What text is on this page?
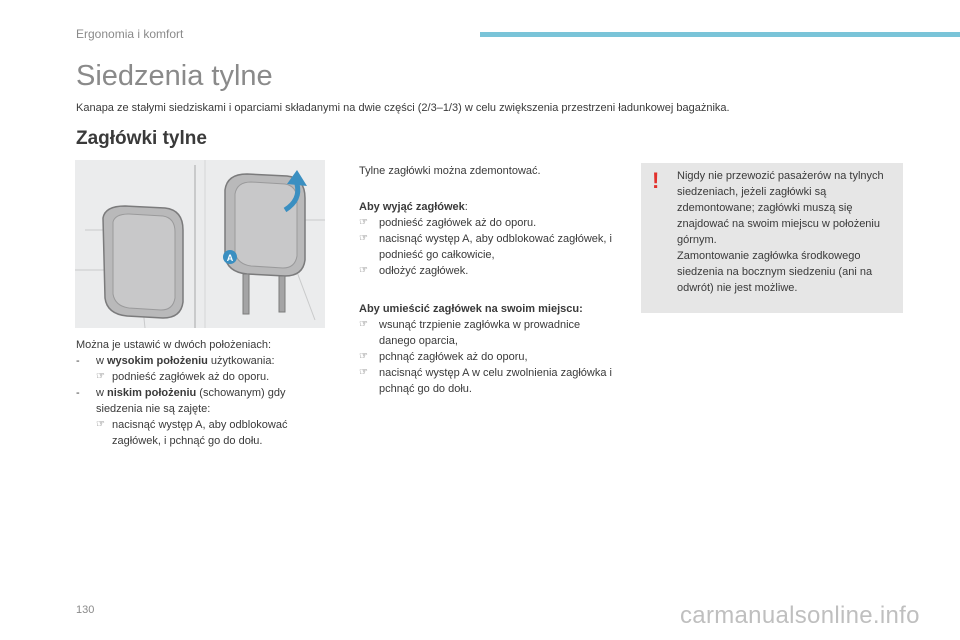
Ergonomia i komfort
Siedzenia tylne
Kanapa ze stałymi siedziskami i oparciami składanymi na dwie części (2/3–1/3) w celu zwiększenia przestrzeni ładunkowej bagażnika.
Zagłówki tylne
A

Można je ustawić w dwóch położeniach:

- w wysokim położeniu użytkowania:
☞ podnieść zagłówek aż do oporu.
- w niskim położeniu (schowanym) gdy siedzenia nie są zajęte:
☞ nacisnąć występ A, aby odblokować zagłówek, i pchnąć go do dołu.

Tylne zagłówki można zdemontować.

Aby wyjąć zagłówek:

☞ podnieść zagłówek aż do oporu.
☞ nacisnąć występ A, aby odblokować zagłówek, i podnieść go całkowicie,
☞ odłożyć zagłówek.

Aby umieścić zagłówek na swoim miejscu:

☞ wsunąć trzpienie zagłówka w prowadnice danego oparcia,
☞ pchnąć zagłówek aż do oporu,
☞ nacisnąć występ A w celu zwolnienia zagłówka i pchnąć go do dołu.
! Nigdy nie przewozić pasażerów na tylnych siedzeniach, jeżeli zagłówki są zdemontowane; zagłówki muszą się znajdować na swoim miejscu w położeniu górnym.

Zamontowanie zagłówka środkowego siedzenia na bocznym siedzeniu (ani na odwrót) nie jest możliwe.

130	carmanualsonline.info
